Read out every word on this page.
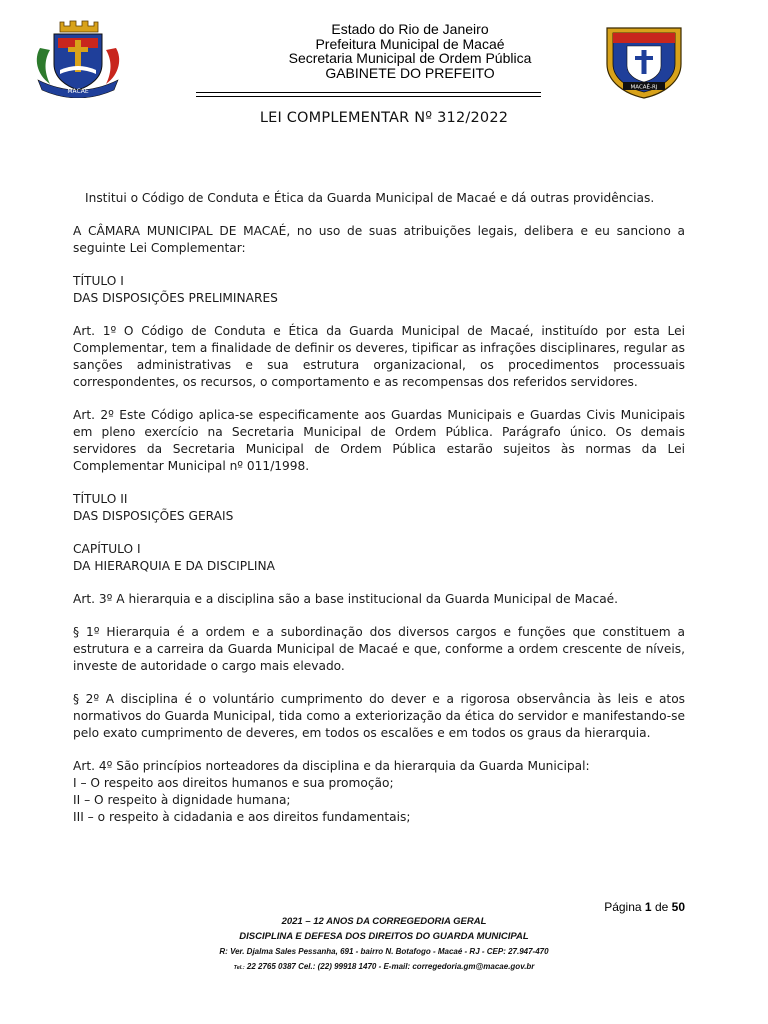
MACAÉ
Estado do Rio de Janeiro
Prefeitura Municipal de Macaé
Secretaria Municipal de Ordem Pública
GABINETE DO PREFEITO
MACAÉ-RJ
LEI COMPLEMENTAR Nº 312/2022

Institui o Código de Conduta e Ética da Guarda Municipal de Macaé e dá outras providências.

A CÂMARA MUNICIPAL DE MACAÉ, no uso de suas atribuições legais, delibera e eu sanciono a seguinte Lei Complementar:

TÍTULO I

DAS DISPOSIÇÕES PRELIMINARES

Art. 1º O Código de Conduta e Ética da Guarda Municipal de Macaé, instituído por esta Lei Complementar, tem a finalidade de definir os deveres, tipificar as infrações disciplinares, regular as sanções administrativas e sua estrutura organizacional, os procedimentos processuais correspondentes, os recursos, o comportamento e as recompensas dos referidos servidores.

Art. 2º Este Código aplica-se especificamente aos Guardas Municipais e Guardas Civis Municipais em pleno exercício na Secretaria Municipal de Ordem Pública. Parágrafo único. Os demais servidores da Secretaria Municipal de Ordem Pública estarão sujeitos às normas da Lei Complementar Municipal nº 011/1998.

TÍTULO II

DAS DISPOSIÇÕES GERAIS

CAPÍTULO I

DA HIERARQUIA E DA DISCIPLINA

Art. 3º A hierarquia e a disciplina são a base institucional da Guarda Municipal de Macaé.

§ 1º Hierarquia é a ordem e a subordinação dos diversos cargos e funções que constituem a estrutura e a carreira da Guarda Municipal de Macaé e que, conforme a ordem crescente de níveis, investe de autoridade o cargo mais elevado.

§ 2º A disciplina é o voluntário cumprimento do dever e a rigorosa observância às leis e atos normativos do Guarda Municipal, tida como a exteriorização da ética do servidor e manifestando-se pelo exato cumprimento de deveres, em todos os escalões e em todos os graus da hierarquia.

Art. 4º São princípios norteadores da disciplina e da hierarquia da Guarda Municipal:

I – O respeito aos direitos humanos e sua promoção;

II – O respeito à dignidade humana;

III – o respeito à cidadania e aos direitos fundamentais;

Página 1 de 50
2021 – 12 ANOS DA CORREGEDORIA GERAL
DISCIPLINA E DEFESA DOS DIREITOS DO GUARDA MUNICIPAL
R: Ver. Djalma Sales Pessanha, 691 - bairro N. Botafogo - Macaé - RJ - CEP: 27.947-470
Tel.: 22 2765 0387 Cel.: (22) 99918 1470 - E-mail: corregedoria.gm@macae.gov.br
